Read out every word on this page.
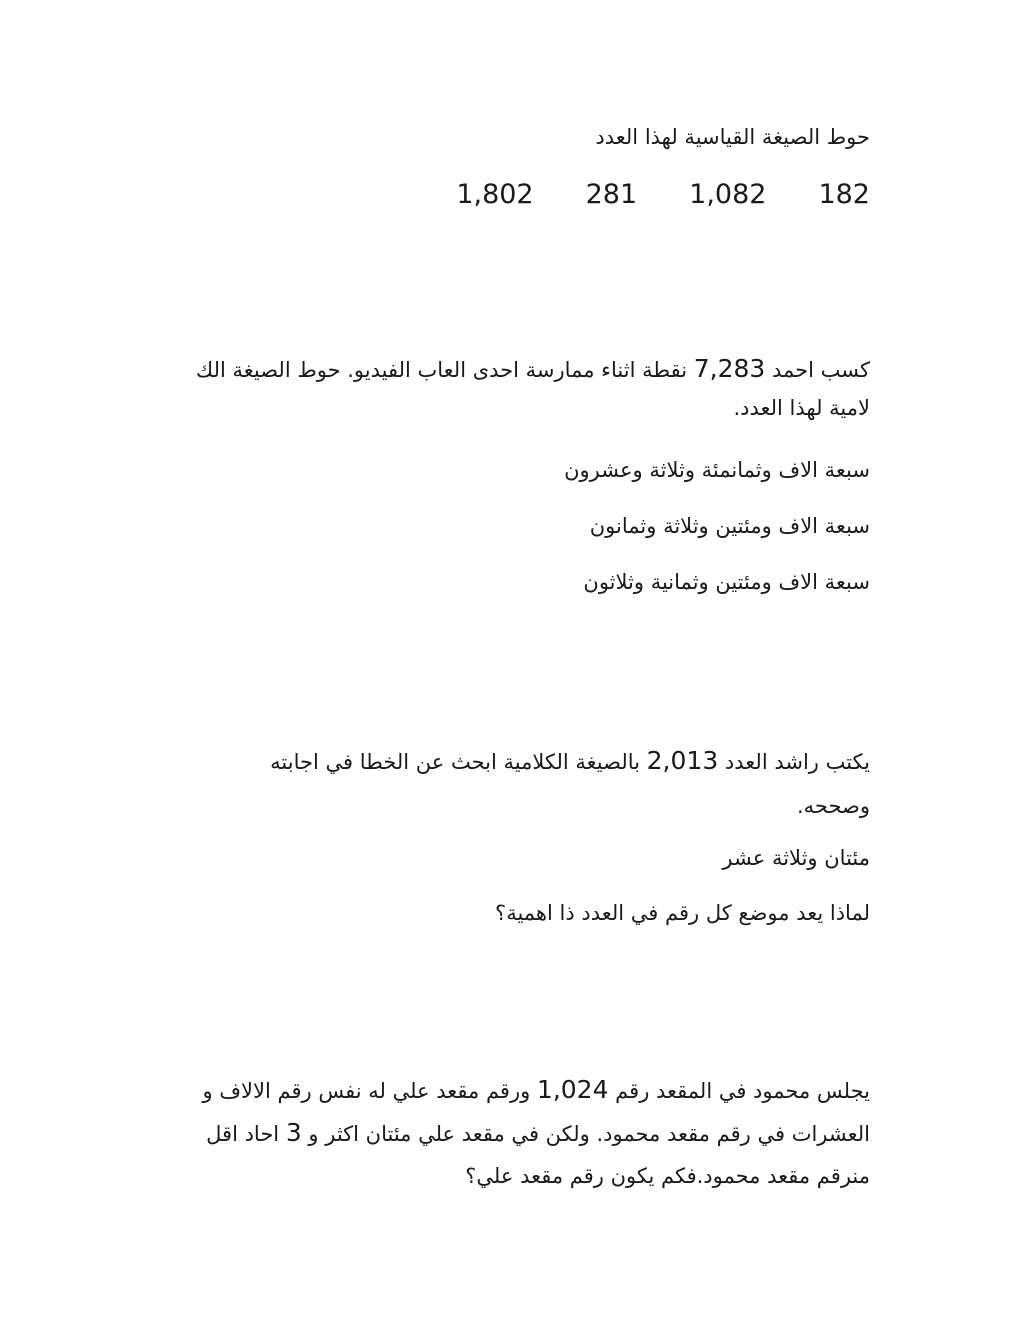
حوط الصيغة القياسية لهذا العدد
182
1,082
281
1,802
كسب احمد 7,283 نقطة اثناء ممارسة احدى العاب الفيديو. حوط الصيغة الك لامية لهذا العدد.
سبعة الاف وثمانمئة وثلاثة وعشرون
سبعة الاف ومئتين وثلاثة وثمانون
سبعة الاف ومئتين وثمانية وثلاثون
يكتب راشد العدد 2,013 بالصيغة الكلامية ابحث عن الخطا في اجابته وصححه.
مئتان وثلاثة عشر
لماذا يعد موضع كل رقم في العدد ذا اهمية؟
يجلس محمود في المقعد رقم 1,024 ورقم مقعد علي له نفس رقم الالاف و العشرات في رقم مقعد محمود. ولكن في مقعد علي مئتان اكثر و 3 احاد اقل منرقم مقعد محمود.فكم يكون رقم مقعد علي؟
